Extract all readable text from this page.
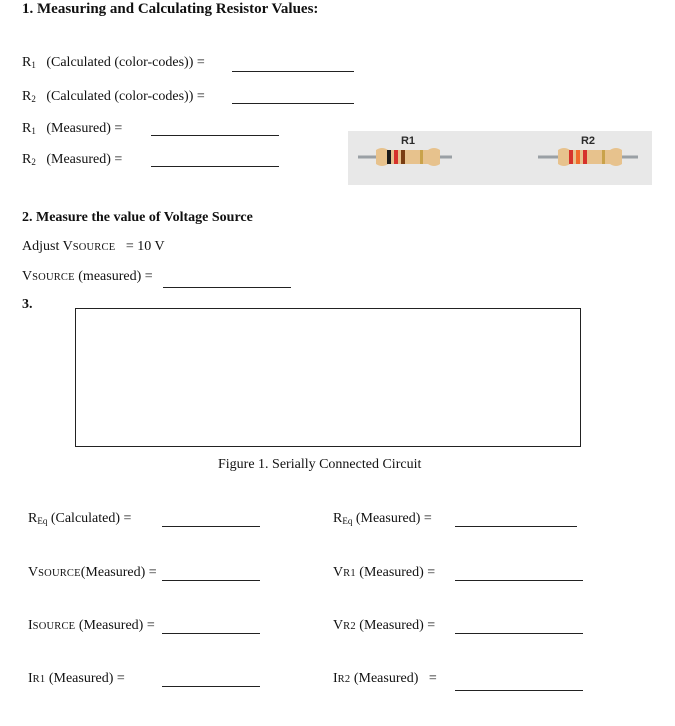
1. Measuring and Calculating Resistor Values:
$R_1$ (Calculated (color-codes)) =
$R_2$ (Calculated (color-codes)) =
$R_1$ (Measured) =
$R_2$ (Measured) =
R1	R2
2. Measure the value of Voltage Source
Adjust VSOURCE = 10 V
VSOURCE (measured) =
3.
Figure 1. Serially Connected Circuit
$R_{Eq}$ (Calculated) =	$R_{Eq}$ (Measured) =
VSOURCE(Measured) =	VR1 (Measured) =
ISOURCE (Measured) =	VR2 (Measured) =
IR1 (Measured) =	IR2 (Measured)   =
